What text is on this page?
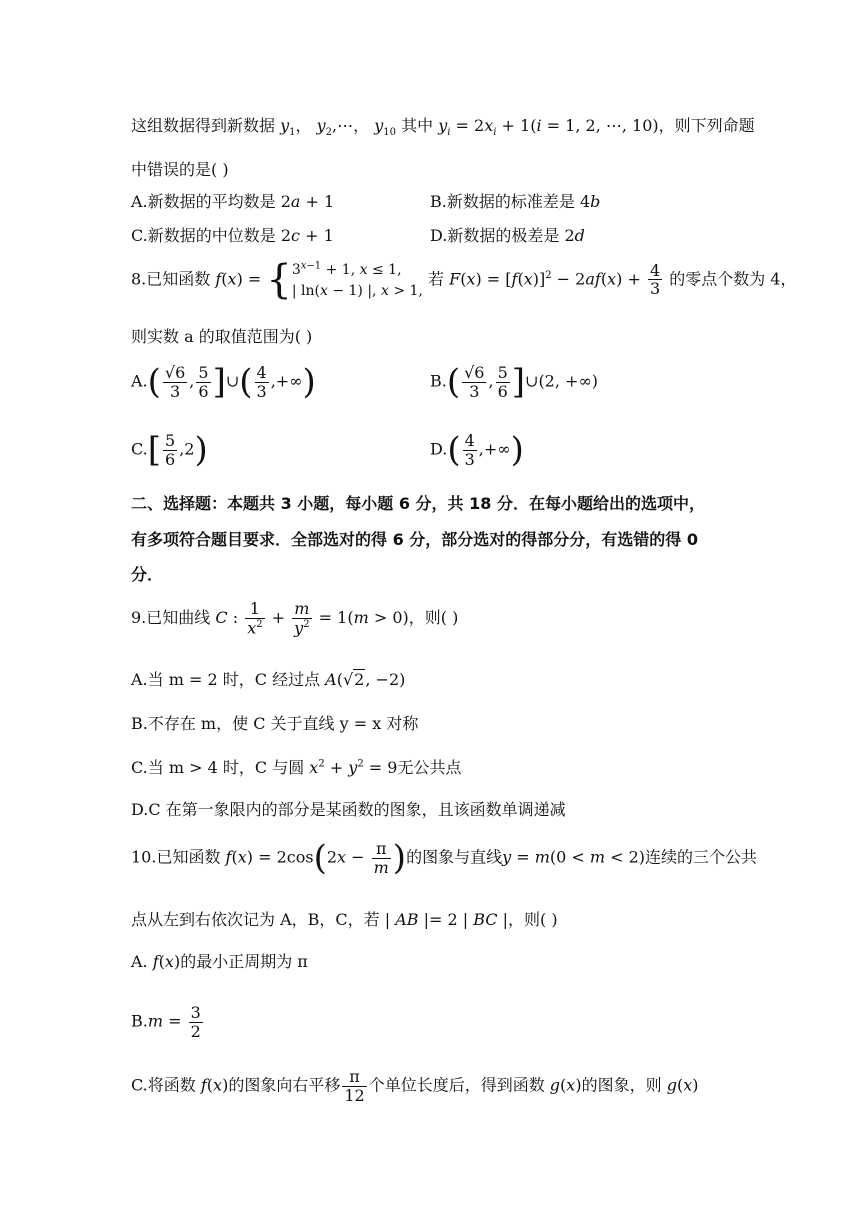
这组数据得到新数据 $y_1$， $y_2,\cdots$， $y_{10}$ 其中 $y_i = 2x_i + 1(i = 1$, 2, ⋯, 10)，则下列命题
中错误的是( )
A.新数据的平均数是 2a + 1	B.新数据的标准差是 4b
C.新数据的中位数是 2c + 1	D.新数据的极差是 2d
8.已知函数 $f(x) = \{3^{x-1} + 1$, x ≤ 1,
| ln(x − 1) |, x > 1, 若 $F(x) = [f(x)]^2 - 2af(x) + \frac{4}{3}$ 的零点个数为 4，
则实数 a 的取值范围为( )
$A.( \frac{√6}{3}$ , $\frac{5}{6}$ ]∪( $\frac{4}{3}$ ,+∞)	$B.( \frac{√6}{3}$ , $\frac{5}{6}$ ]∪(2, +∞)
$C.[ \frac{5}{6} ,2)$	$D.( \frac{4}{3}$ ,+∞)
二、选择题：本题共 3 小题，每小题 6 分，共 18 分．在每小题给出的选项中，
有多项符合题目要求．全部选对的得 6 分，部分选对的得部分分，有选错的得 0
分．
9.已知曲线 C : $\frac{1}{x^2} + \frac{m}{y^2} = 1(m > 0)$，则( )
A.当 m = 2 时，C 经过点 A(√2, −2)
B.不存在 m，使 C 关于直线 y = x 对称
C.当 m > 4 时，C 与圆 $x^2 + y^2 = 9$无公共点
D.C 在第一象限内的部分是某函数的图象，且该函数单调递减
10.已知函数 $f(x) = 2\cos(2x - \frac{\pi}{m}$ )的图象与直线y = m(0 < m < 2)连续的三个公共
点从左到右依次记为 A，B，C，若 | AB |= 2 | BC |，则( )
A. f(x)的最小正周期为 π
$B.m = \frac{3}{2}$
C.将函数 f(x)的图象向右平移 $\frac{\pi}{12}$ 个单位长度后，得到函数 g(x)的图象，则 g(x)
